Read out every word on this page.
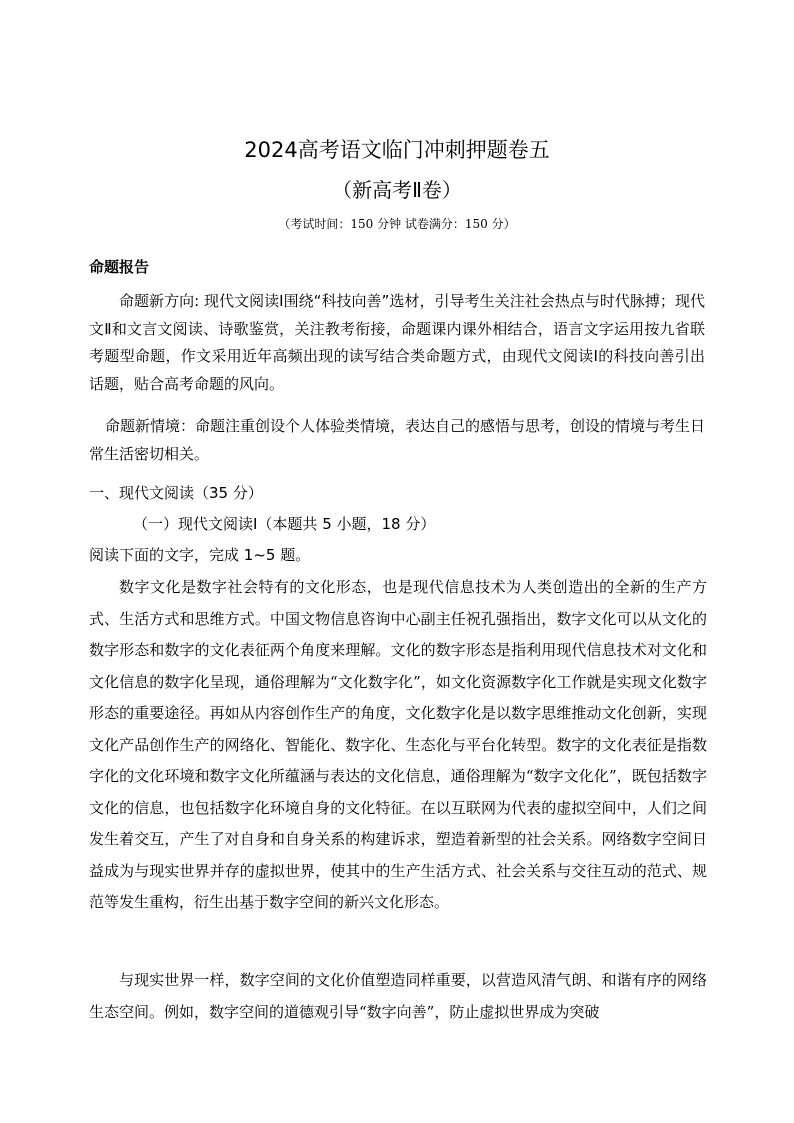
2024高考语文临门冲刺押题卷五
（新高考Ⅱ卷）
（考试时间：150 分钟 试卷满分：150 分）
命题报告
命题新方向: 现代文阅读Ⅰ围绕“科技向善”选材，引导考生关注社会热点与时代脉搏；现代文Ⅱ和文言文阅读、诗歌鉴赏，关注教考衔接，命题课内课外相结合，语言文字运用按九省联考题型命题，作文采用近年高频出现的读写结合类命题方式，由现代文阅读Ⅰ的科技向善引出话题，贴合高考命题的风向。
命题新情境：命题注重创设个人体验类情境，表达自己的感悟与思考，创设的情境与考生日常生活密切相关。
一、现代文阅读（35 分）
（一）现代文阅读Ⅰ（本题共 5 小题，18 分）
阅读下面的文字，完成 1~5 题。
数字文化是数字社会特有的文化形态，也是现代信息技术为人类创造出的全新的生产方式、生活方式和思维方式。中国文物信息咨询中心副主任祝孔强指出，数字文化可以从文化的数字形态和数字的文化表征两个角度来理解。文化的数字形态是指利用现代信息技术对文化和文化信息的数字化呈现，通俗理解为“文化数字化”，如文化资源数字化工作就是实现文化数字形态的重要途径。再如从内容创作生产的角度，文化数字化是以数字思维推动文化创新，实现文化产品创作生产的网络化、智能化、数字化、生态化与平台化转型。数字的文化表征是指数字化的文化环境和数字文化所蕴涵与表达的文化信息，通俗理解为“数字文化化”，既包括数字文化的信息，也包括数字化环境自身的文化特征。在以互联网为代表的虚拟空间中，人们之间发生着交互，产生了对自身和自身关系的构建诉求，塑造着新型的社会关系。网络数字空间日益成为与现实世界并存的虚拟世界，使其中的生产生活方式、社会关系与交往互动的范式、规范等发生重构，衍生出基于数字空间的新兴文化形态。
与现实世界一样，数字空间的文化价值塑造同样重要，以营造风清气朗、和谐有序的网络生态空间。例如，数字空间的道德观引导“数字向善”，防止虚拟世界成为突破
